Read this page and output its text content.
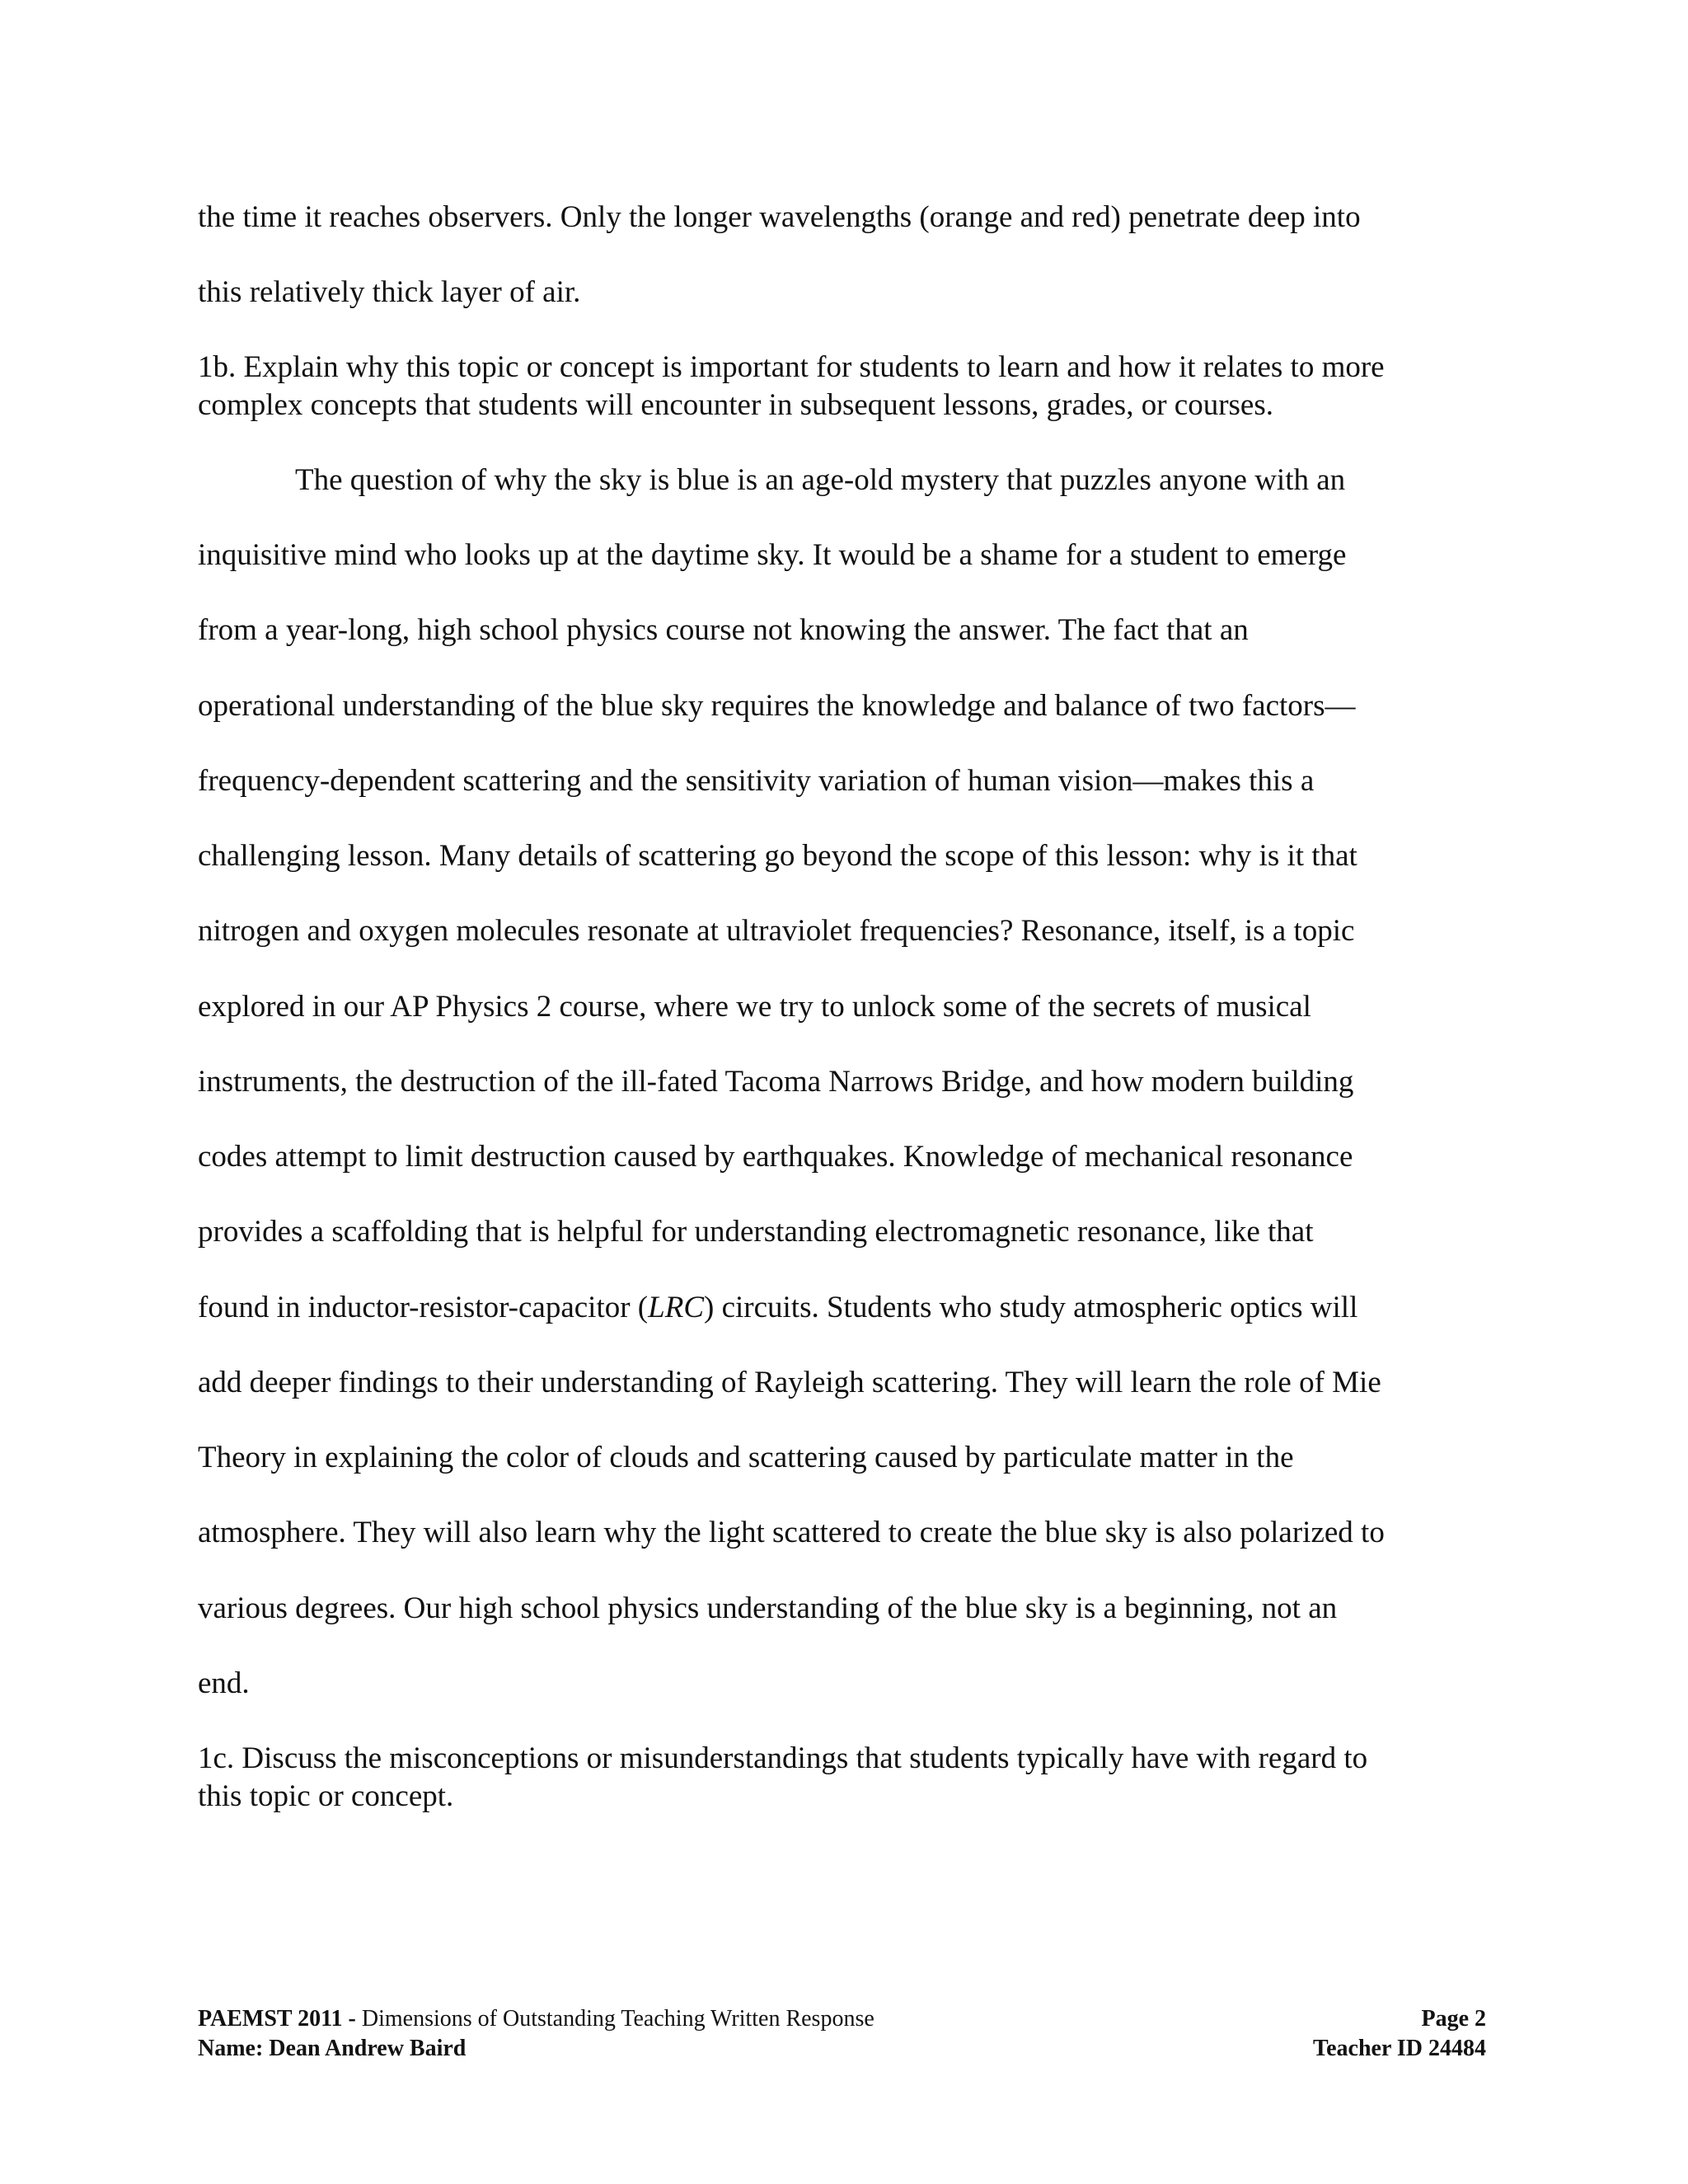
the time it reaches observers. Only the longer wavelengths (orange and red) penetrate deep into
this relatively thick layer of air.
1b. Explain why this topic or concept is important for students to learn and how it relates to more
complex concepts that students will encounter in subsequent lessons, grades, or courses.
The question of why the sky is blue is an age-old mystery that puzzles anyone with an
inquisitive mind who looks up at the daytime sky. It would be a shame for a student to emerge
from a year-long, high school physics course not knowing the answer. The fact that an
operational understanding of the blue sky requires the knowledge and balance of two factors—
frequency-dependent scattering and the sensitivity variation of human vision—makes this a
challenging lesson. Many details of scattering go beyond the scope of this lesson: why is it that
nitrogen and oxygen molecules resonate at ultraviolet frequencies? Resonance, itself, is a topic
explored in our AP Physics 2 course, where we try to unlock some of the secrets of musical
instruments, the destruction of the ill-fated Tacoma Narrows Bridge, and how modern building
codes attempt to limit destruction caused by earthquakes. Knowledge of mechanical resonance
provides a scaffolding that is helpful for understanding electromagnetic resonance, like that
found in inductor-resistor-capacitor (LRC) circuits. Students who study atmospheric optics will
add deeper findings to their understanding of Rayleigh scattering. They will learn the role of Mie
Theory in explaining the color of clouds and scattering caused by particulate matter in the
atmosphere. They will also learn why the light scattered to create the blue sky is also polarized to
various degrees. Our high school physics understanding of the blue sky is a beginning, not an
end.
1c. Discuss the misconceptions or misunderstandings that students typically have with regard to
this topic or concept.
PAEMST 2011 - Dimensions of Outstanding Teaching Written Response	Page 2
Name: Dean Andrew Baird	Teacher ID 24484
